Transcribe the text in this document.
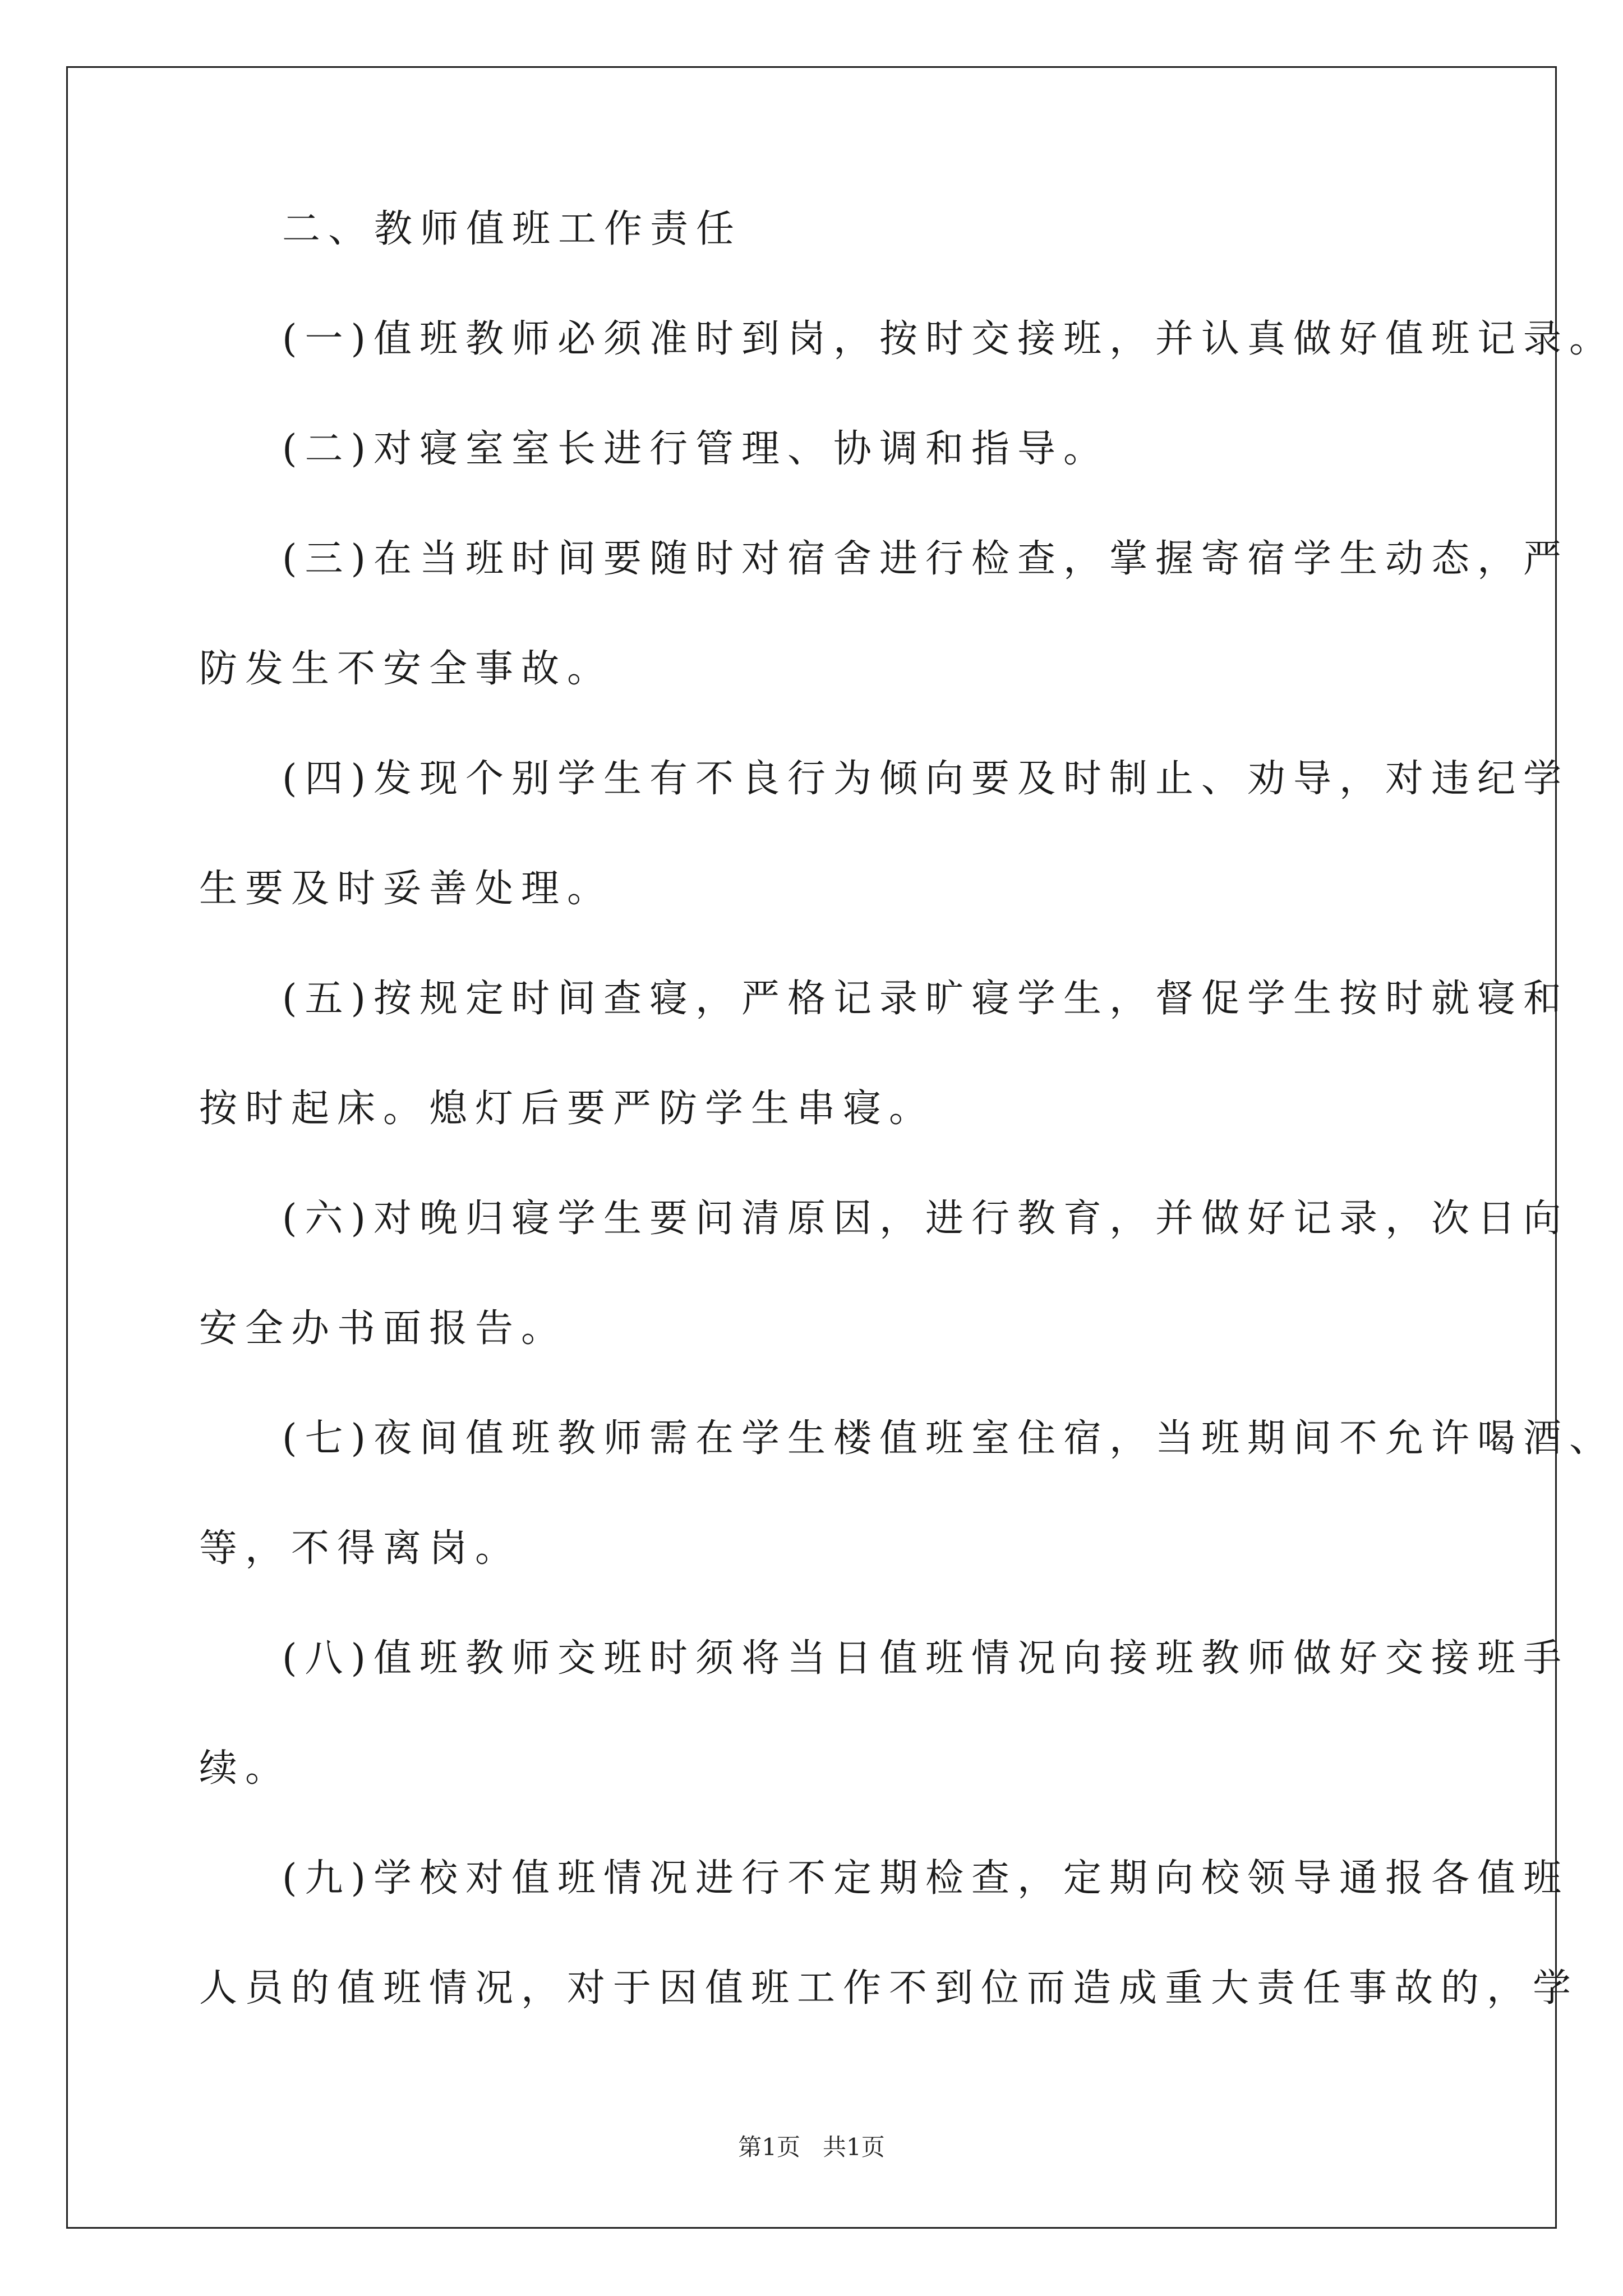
二、教师值班工作责任

(一)值班教师必须准时到岗，按时交接班，并认真做好值班记录。

(二)对寝室室长进行管理、协调和指导。

(三)在当班时间要随时对宿舍进行检查，掌握寄宿学生动态，严

防发生不安全事故。

(四)发现个别学生有不良行为倾向要及时制止、劝导，对违纪学

生要及时妥善处理。

(五)按规定时间查寝，严格记录旷寝学生，督促学生按时就寝和

按时起床。熄灯后要严防学生串寝。

(六)对晚归寝学生要问清原因，进行教育，并做好记录，次日向

安全办书面报告。

(七)夜间值班教师需在学生楼值班室住宿，当班期间不允许喝酒、

等，不得离岗。

(八)值班教师交班时须将当日值班情况向接班教师做好交接班手

续。

(九)学校对值班情况进行不定期检查，定期向校领导通报各值班

人员的值班情况，对于因值班工作不到位而造成重大责任事故的，学

第1页 共1页
